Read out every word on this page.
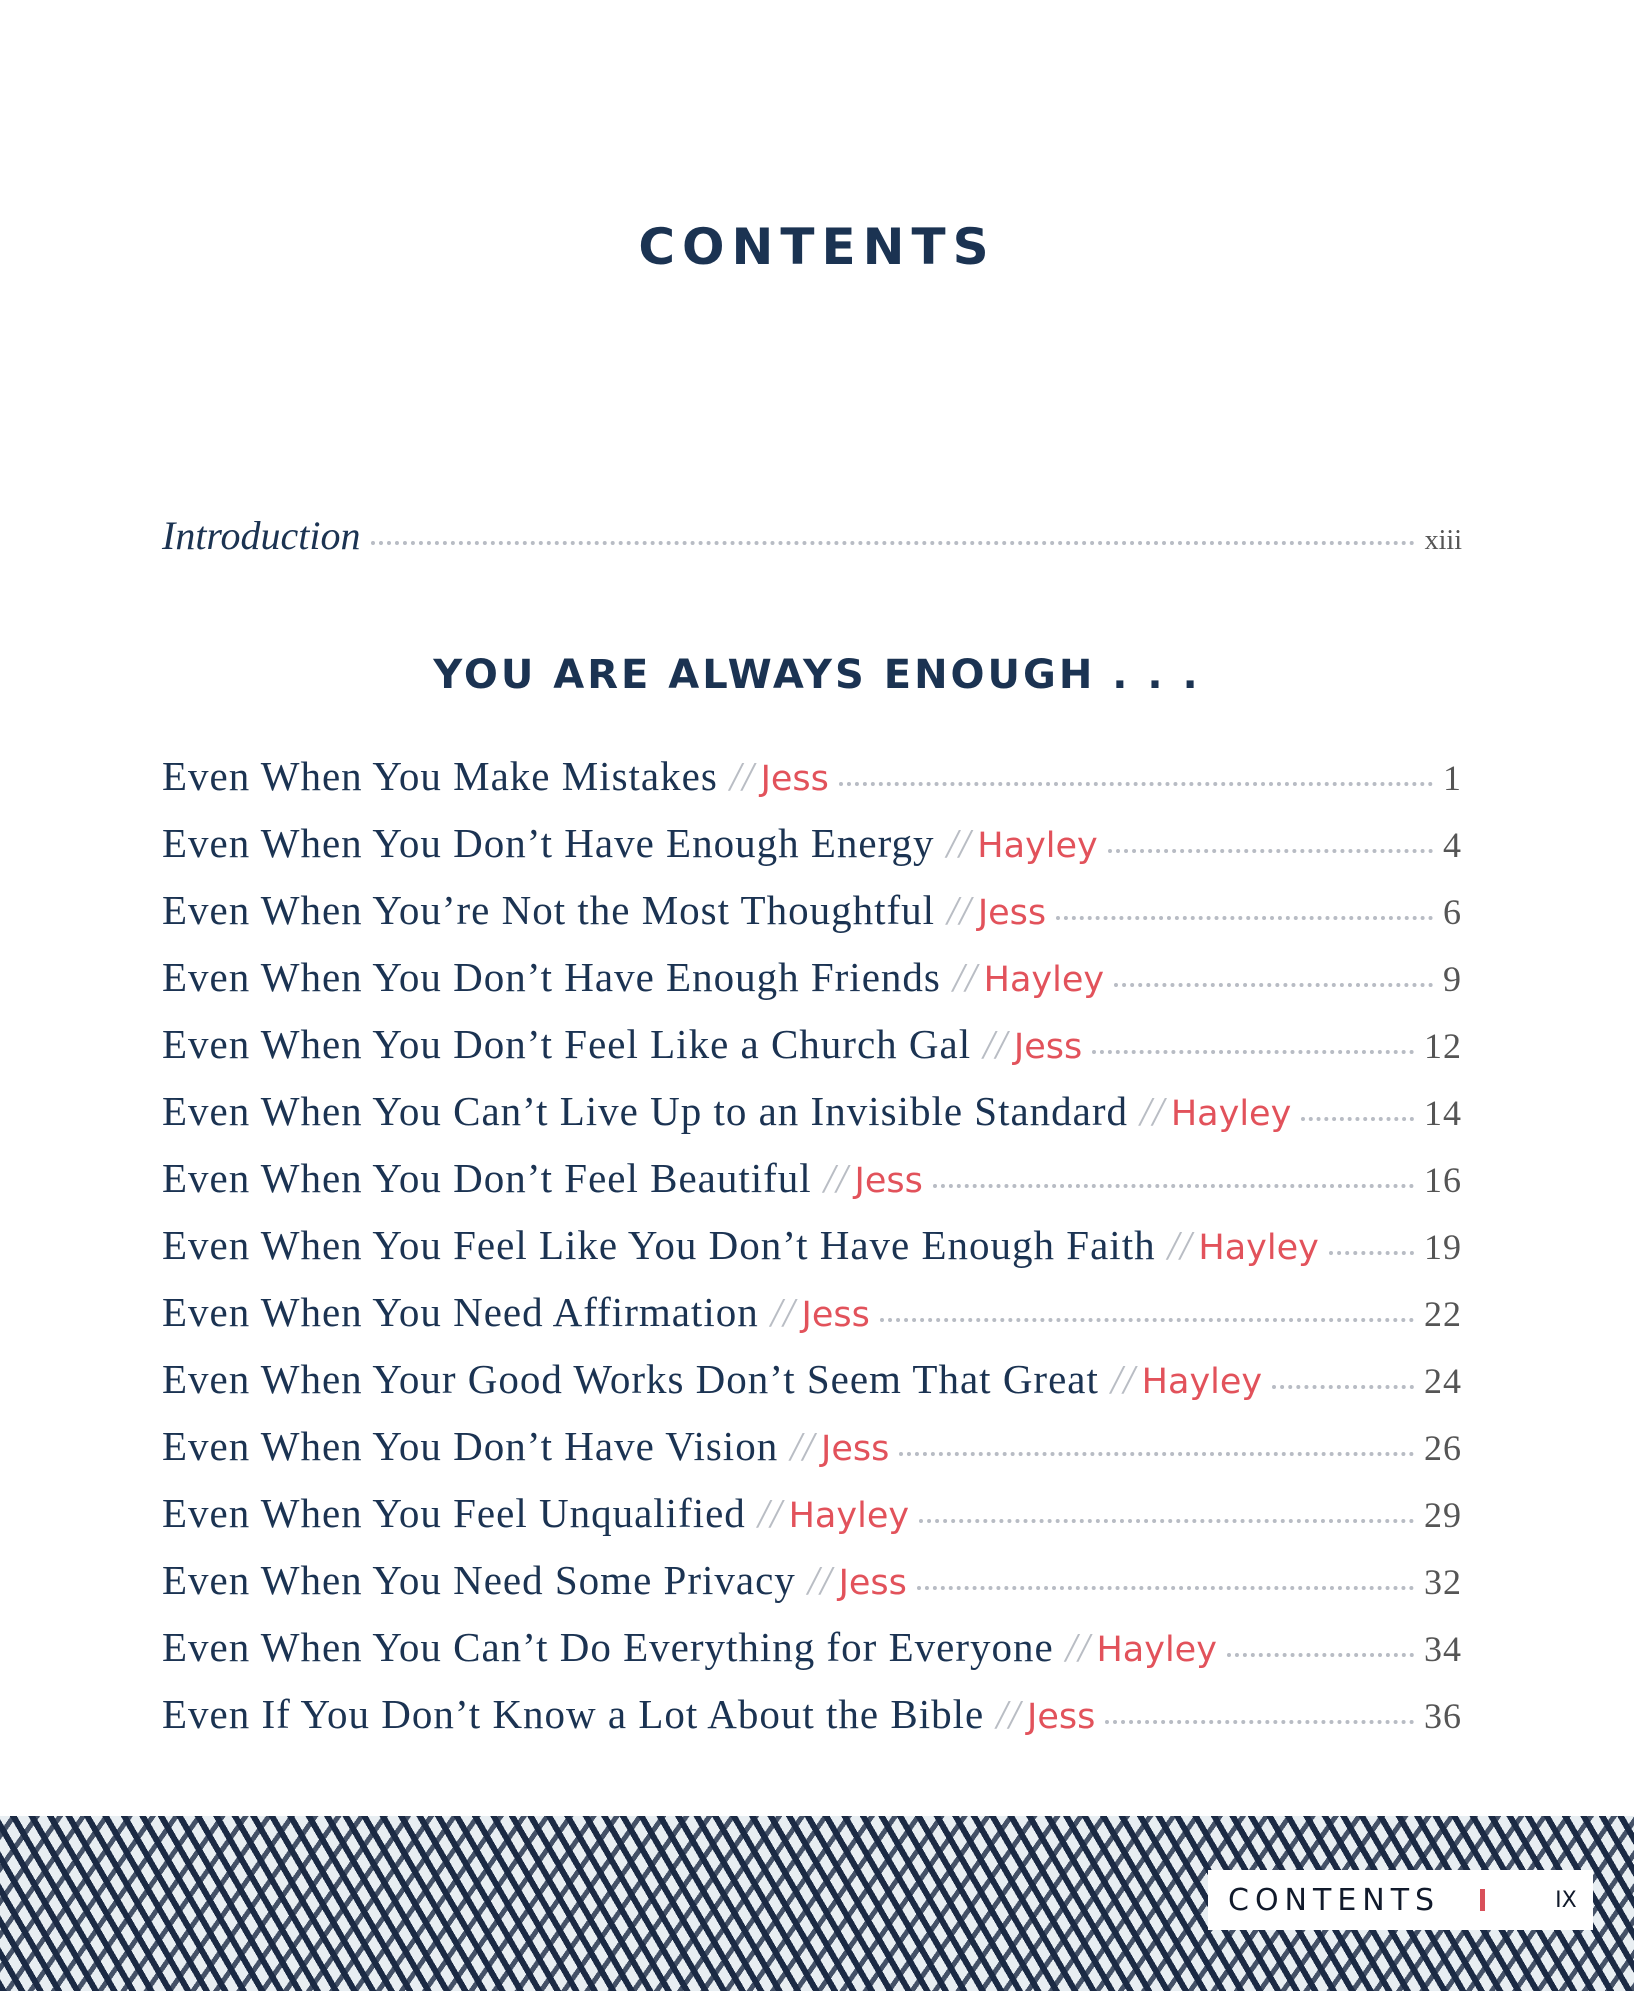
CONTENTS
Introduction	xiii
YOU ARE ALWAYS ENOUGH . . .
Even When You Make Mistakes // Jess	1
Even When You Don’t Have Enough Energy // Hayley	4
Even When You’re Not the Most Thoughtful // Jess	6
Even When You Don’t Have Enough Friends // Hayley	9
Even When You Don’t Feel Like a Church Gal // Jess	12
Even When You Can’t Live Up to an Invisible Standard // Hayley	14
Even When You Don’t Feel Beautiful // Jess	16
Even When You Feel Like You Don’t Have Enough Faith // Hayley	19
Even When You Need Affirmation // Jess	22
Even When Your Good Works Don’t Seem That Great // Hayley	24
Even When You Don’t Have Vision // Jess	26
Even When You Feel Unqualified // Hayley	29
Even When You Need Some Privacy // Jess	32
Even When You Can’t Do Everything for Everyone // Hayley	34
Even If You Don’t Know a Lot About the Bible // Jess	36
CONTENTS	IX
